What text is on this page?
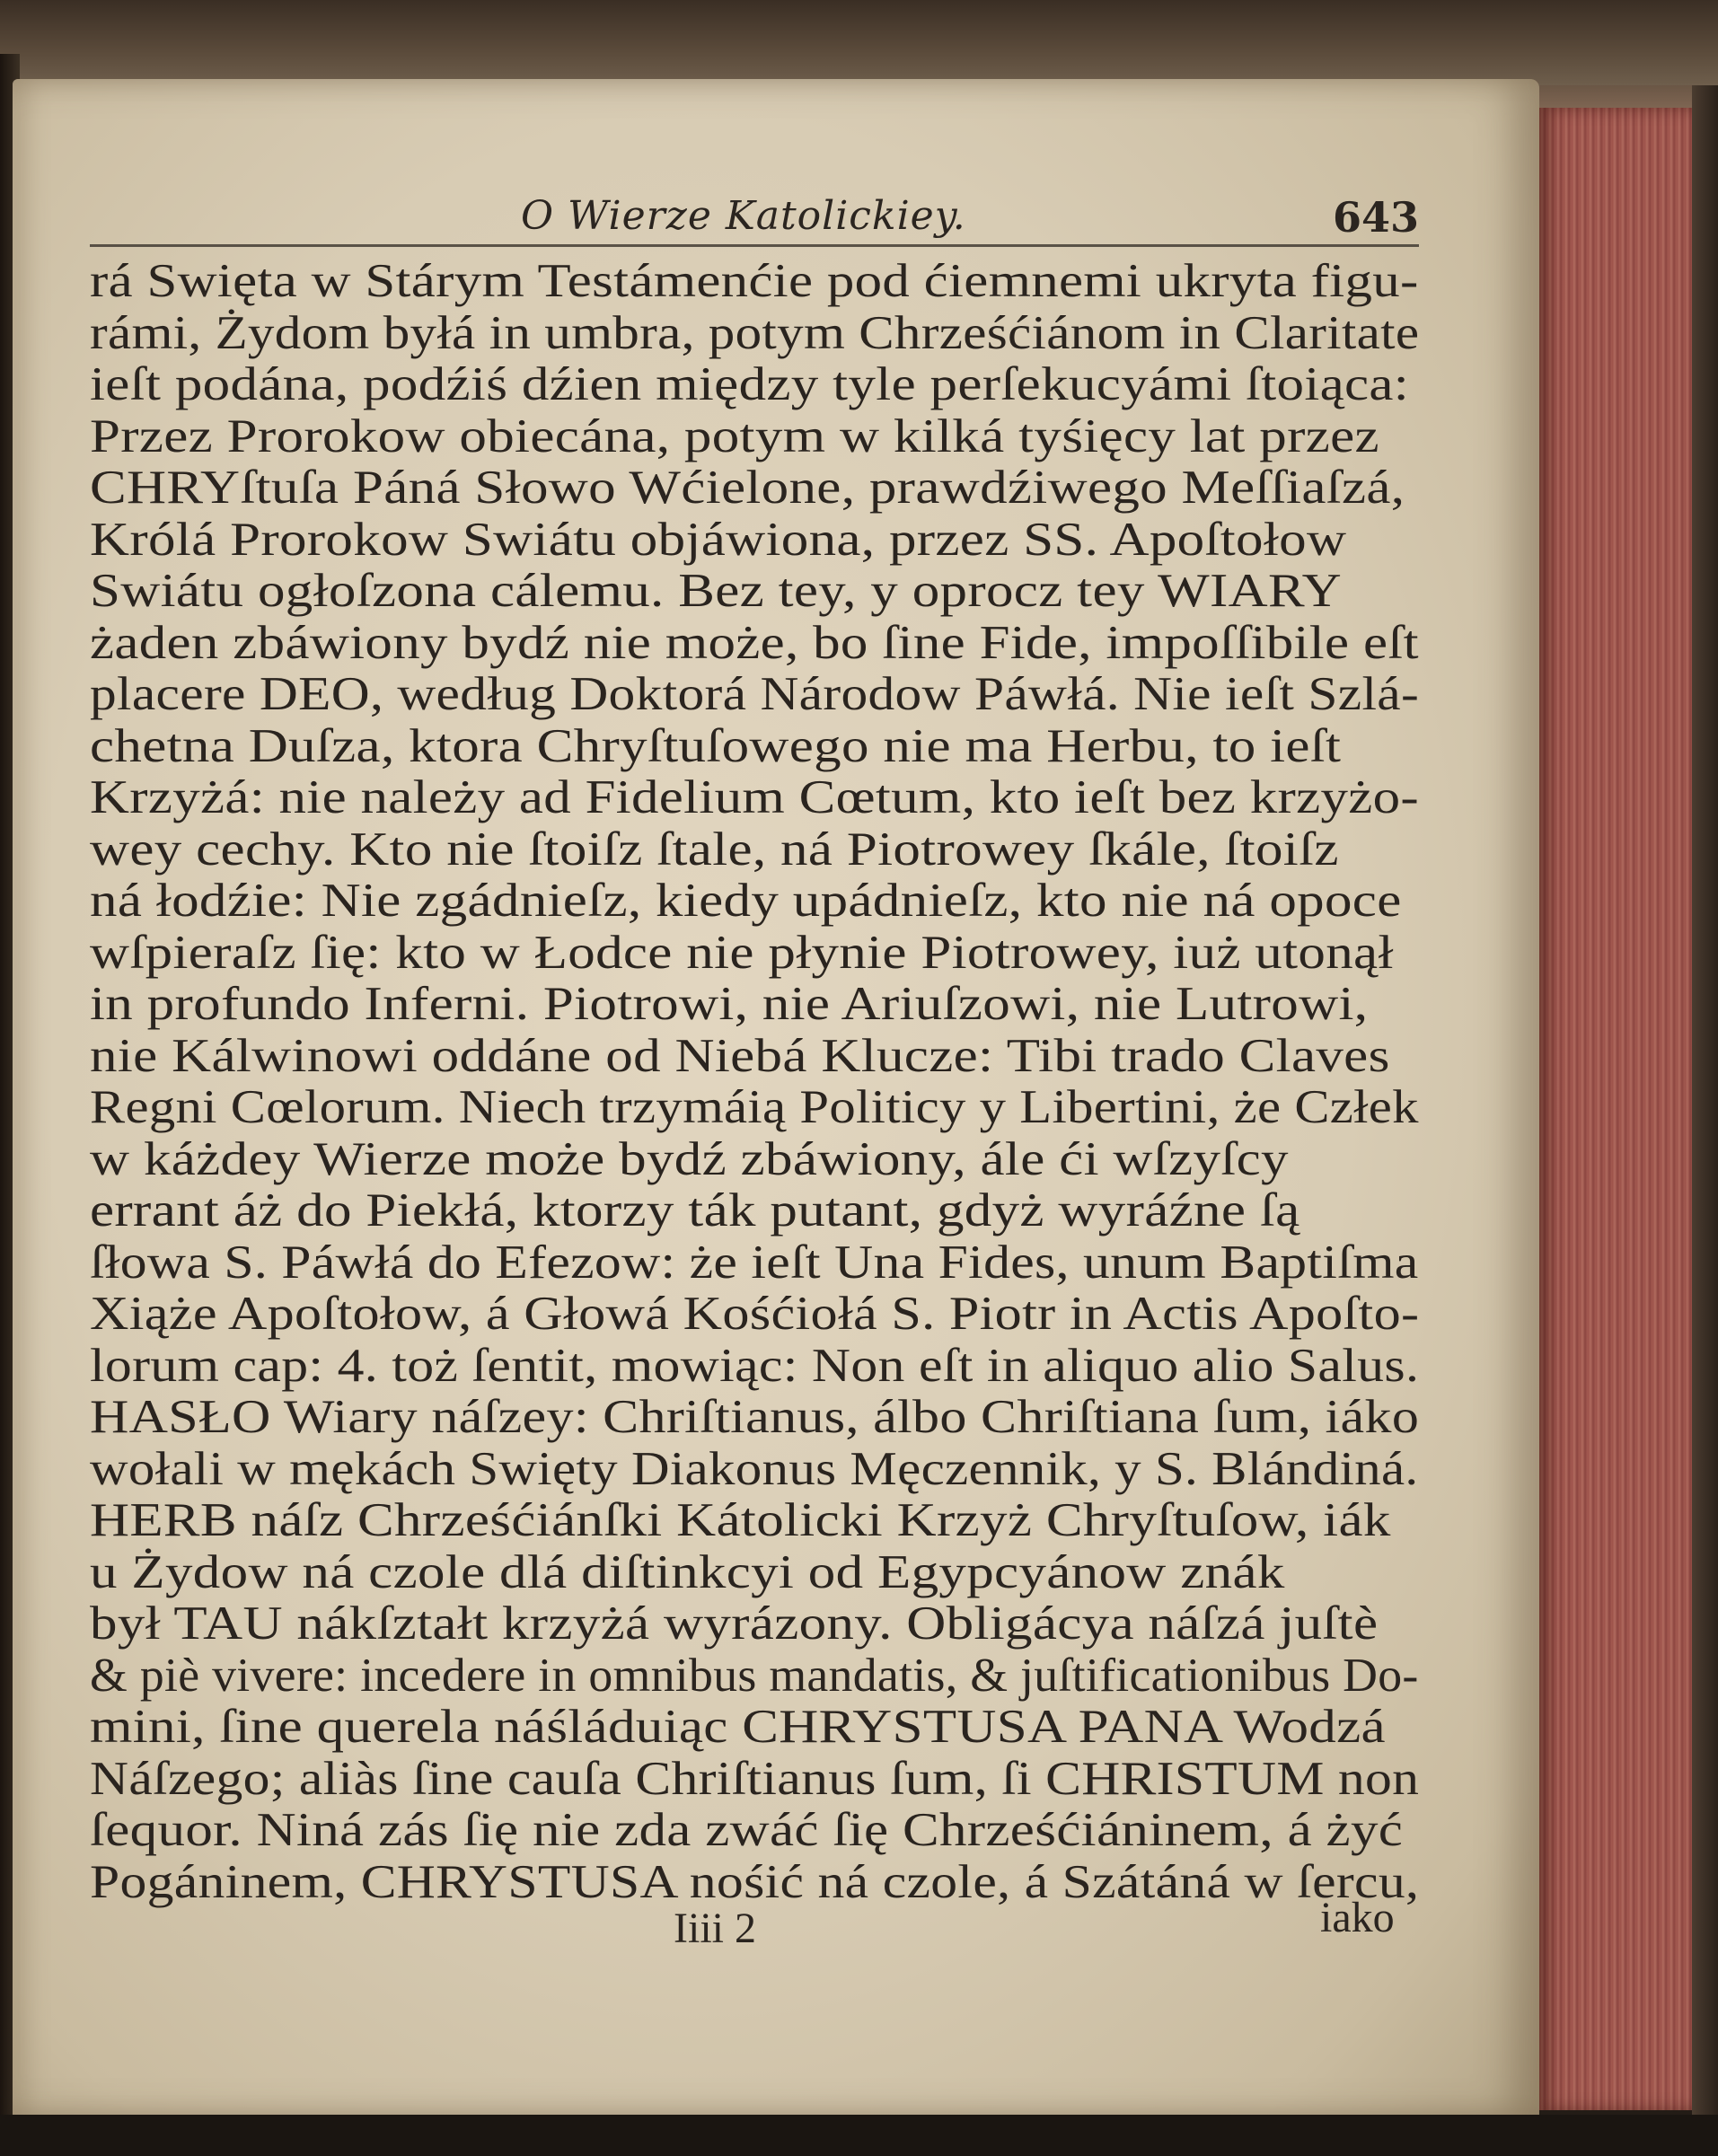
O Wierze Katolickiey.	643
rá Swięta w Stárym Testámenćie pod ćiemnemi ukryta figu-
rámi, Żydom byłá in umbra, potym Chrześćiánom in Claritate
ieſt podána, podźiś dźien między tyle perſekucyámi ſtoiąca:
Przez Prorokow obiecána, potym w kilká tyśięcy lat przez
CHRYſtuſa Páná Słowo Wćielone, prawdźiwego Meſſiaſzá,
Królá Prorokow Swiátu objáwiona, przez SS. Apoſtołow
Swiátu ogłoſzona cálemu. Bez tey, y oprocz tey WIARY
żaden zbáwiony bydź nie może, bo ſine Fide, impoſſibile eſt
placere DEO, według Doktorá Národow Páwłá. Nie ieſt Szlá-
chetna Duſza, ktora Chryſtuſowego nie ma Herbu, to ieſt
Krzyżá: nie należy ad Fidelium Cœtum, kto ieſt bez krzyżo-
wey cechy. Kto nie ſtoiſz ſtale, ná Piotrowey ſkále, ſtoiſz
ná łodźie: Nie zgádnieſz, kiedy upádnieſz, kto nie ná opoce
wſpieraſz ſię: kto w Łodce nie płynie Piotrowey, iuż utonął
in profundo Inferni. Piotrowi, nie Ariuſzowi, nie Lutrowi,
nie Kálwinowi oddáne od Niebá Klucze: Tibi trado Claves
Regni Cœlorum. Niech trzymáią Politicy y Libertini, że Człek
w káżdey Wierze może bydź zbáwiony, ále ći wſzyſcy
errant áż do Piekłá, ktorzy ták putant, gdyż wyráźne ſą
ſłowa S. Páwłá do Efezow: że ieſt Una Fides, unum Baptiſma
Xiąże Apoſtołow, á Głowá Kośćiołá S. Piotr in Actis Apoſto-
lorum cap: 4. toż ſentit, mowiąc: Non eſt in aliquo alio Salus.
HASŁO Wiary náſzey: Chriſtianus, álbo Chriſtiana ſum, iáko
wołali w mękách Swięty Diakonus Męczennik, y S. Blándiná.
HERB náſz Chrześćiánſki Kátolicki Krzyż Chryſtuſow, iák
u Żydow ná czole dlá diſtinkcyi od Egypcyánow znák
był TAU nákſztałt krzyżá wyrázony. Obligácya náſzá juſtè
& piè vivere: incedere in omnibus mandatis, & juſtificationibus Do-
mini, ſine querela náśláduiąc CHRYSTUSA PANA Wodzá
Náſzego; aliàs ſine cauſa Chriſtianus ſum, ſi CHRISTUM non
ſequor. Niná zás ſię nie zda zwáć ſię Chrześćiáninem, á żyć
Pogáninem, CHRYSTUSA nośić ná czole, á Szátáná w ſercu,
Iiii 2	iako
